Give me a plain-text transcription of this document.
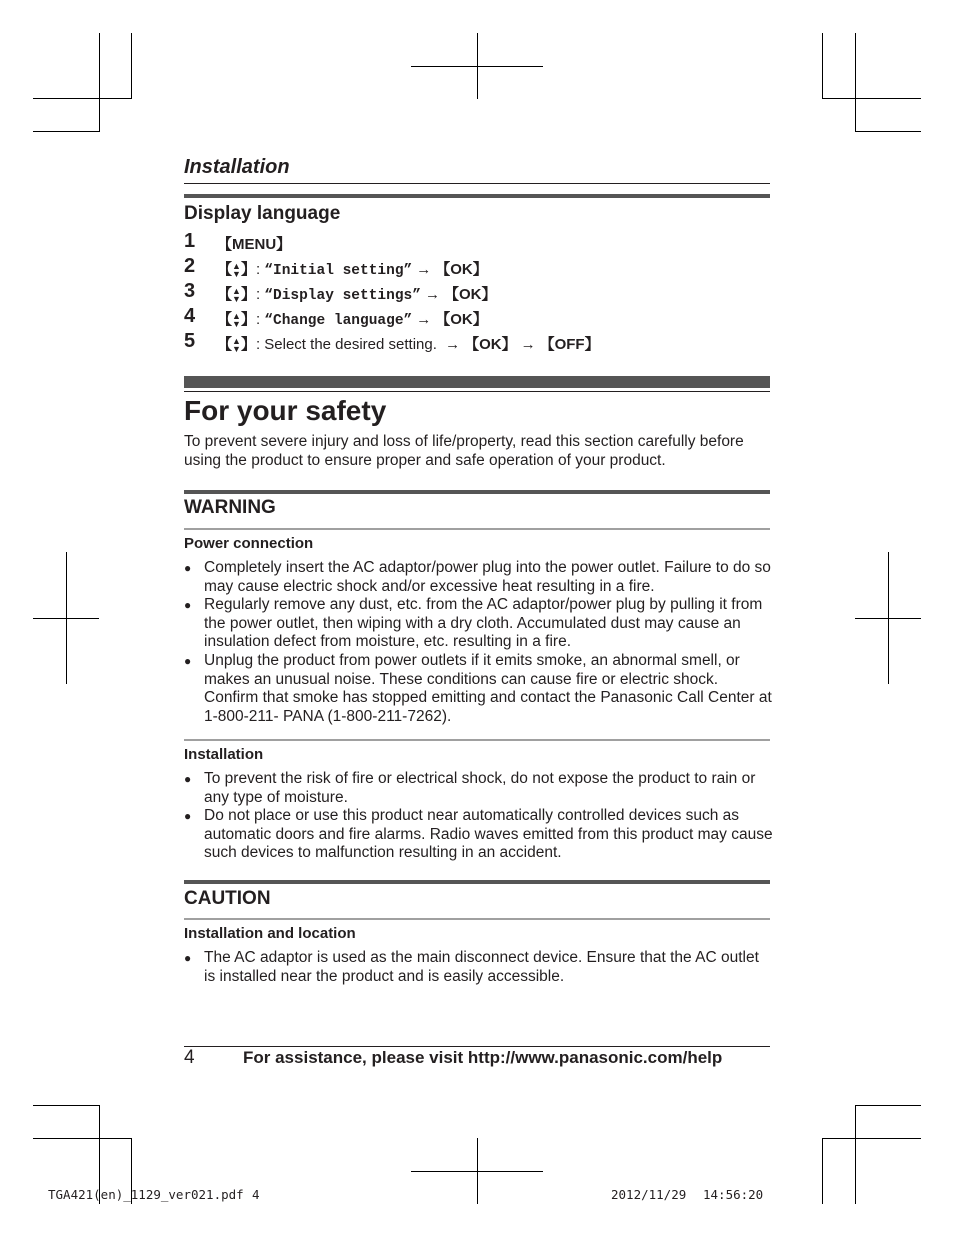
Installation
Display language
1	【MENU】
2	【▲
▼】: “Initial setting” → 【OK】
3	【▲
▼】: “Display settings” → 【OK】
4	【▲
▼】: “Change language” → 【OK】
5	【▲
▼】: Select the desired setting. → 【OK】 → 【OFF】
For your safety
To prevent severe injury and loss of life/property, read this section carefully before
using the product to ensure proper and safe operation of your product.
WARNING
Power connection
● Completely insert the AC adaptor/power plug into the power outlet. Failure to do so may cause electric shock and/or excessive heat resulting in a fire.
● Regularly remove any dust, etc. from the AC adaptor/power plug by pulling it from the power outlet, then wiping with a dry cloth. Accumulated dust may cause an insulation defect from moisture, etc. resulting in a fire.
● Unplug the product from power outlets if it emits smoke, an abnormal smell, or makes an unusual noise. These conditions can cause fire or electric shock. Confirm that smoke has stopped emitting and contact the Panasonic Call Center at 1-800-211- PANA (1-800-211-7262).
Installation
● To prevent the risk of fire or electrical shock, do not expose the product to rain or any type of moisture.
● Do not place or use this product near automatically controlled devices such as automatic doors and fire alarms. Radio waves emitted from this product may cause such devices to malfunction resulting in an accident.
CAUTION
Installation and location
● The AC adaptor is used as the main disconnect device. Ensure that the AC outlet is installed near the product and is easily accessible.
4	For assistance, please visit http://www.panasonic.com/help
TGA421(en)_1129_ver021.pdf 4	2012/11/29 14:56:20
